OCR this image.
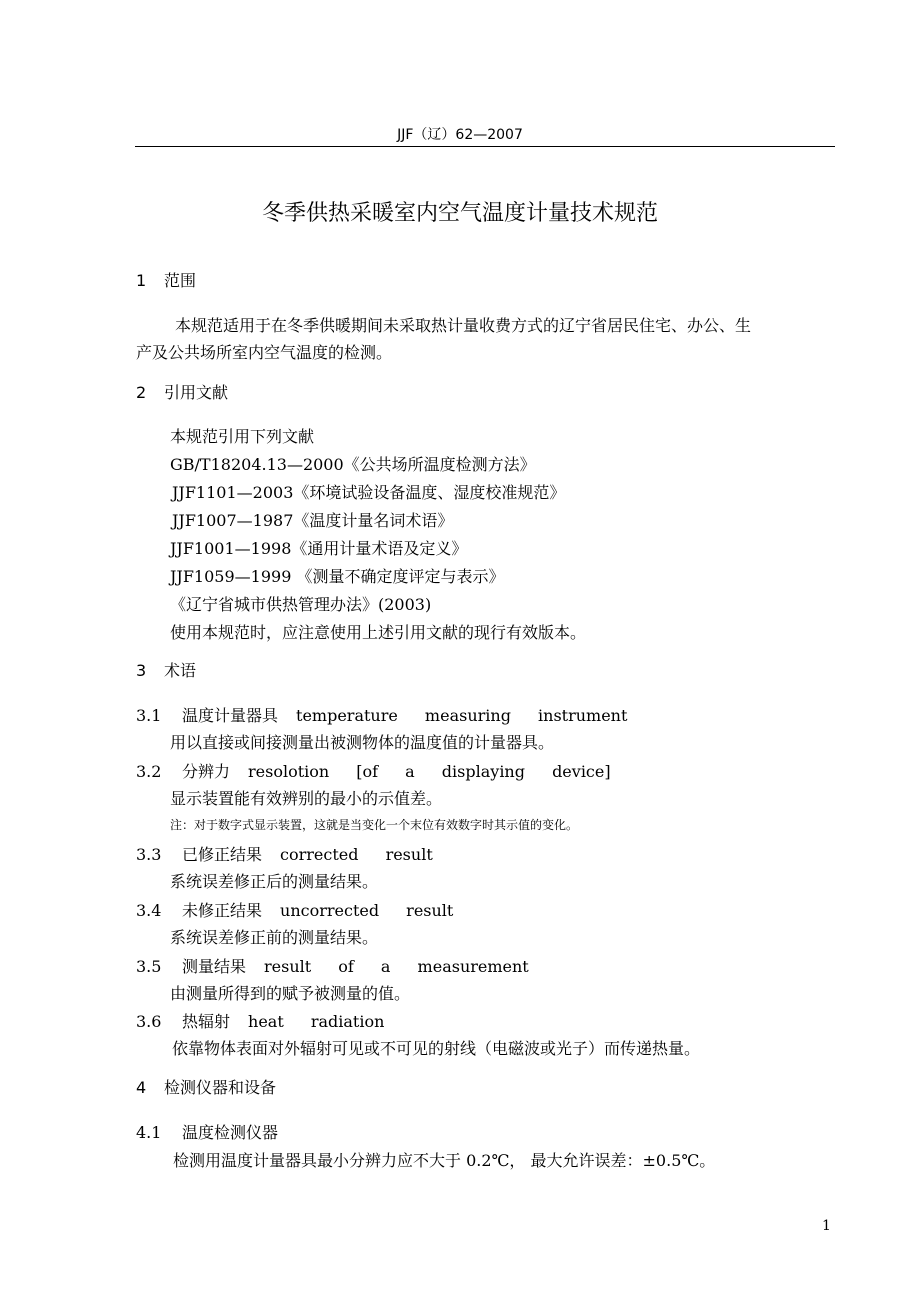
JJF（辽）62—2007
冬季供热采暖室内空气温度计量技术规范
1 范围
本规范适用于在冬季供暖期间未采取热计量收费方式的辽宁省居民住宅、办公、生
产及公共场所室内空气温度的检测。
2 引用文献
本规范引用下列文献
GB/T18204.13—2000《公共场所温度检测方法》
JJF1101—2003《环境试验设备温度、湿度校准规范》
JJF1007—1987《温度计量名词术语》
JJF1001—1998《通用计量术语及定义》
JJF1059—1999 《测量不确定度评定与表示》
《辽宁省城市供热管理办法》(2003)
使用本规范时，应注意使用上述引用文献的现行有效版本。
3 术语
3.1 温度计量器具 temperature measuring instrument
用以直接或间接测量出被测物体的温度值的计量器具。
3.2 分辨力 resolotion [of a displaying device]
显示装置能有效辨别的最小的示值差。
注：对于数字式显示装置，这就是当变化一个末位有效数字时其示值的变化。
3.3 已修正结果 corrected result
系统误差修正后的测量结果。
3.4 未修正结果 uncorrected result
系统误差修正前的测量结果。
3.5 测量结果 result of a measurement
由测量所得到的赋予被测量的值。
3.6 热辐射 heat radiation
依靠物体表面对外辐射可见或不可见的射线（电磁波或光子）而传递热量。
4 检测仪器和设备
4.1 温度检测仪器
检测用温度计量器具最小分辨力应不大于 0.2℃， 最大允许误差：±0.5℃。
1
